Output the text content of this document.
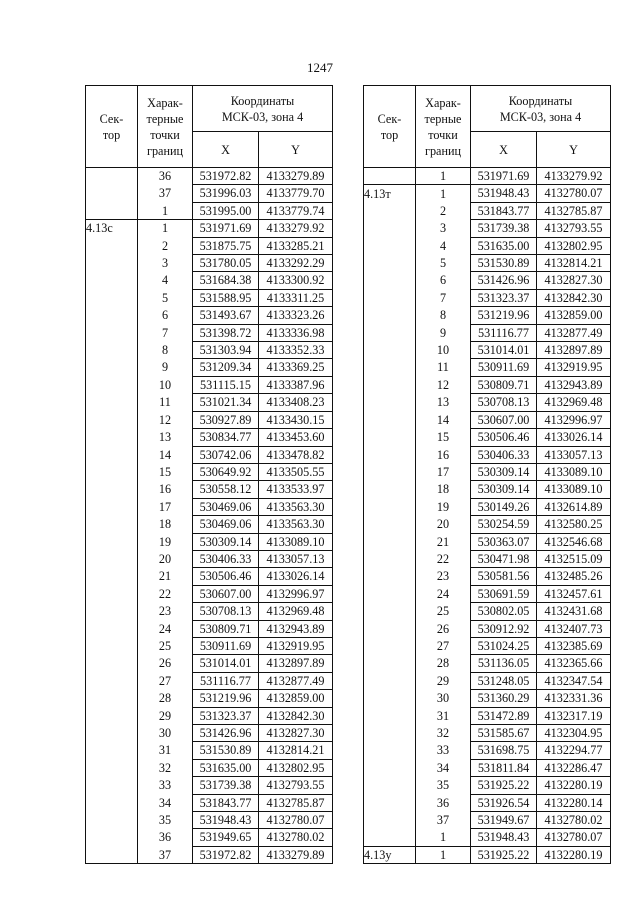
1247
Сек-
тор	Харак-
терные
точки
границ	Координаты
МСК-03, зона 4	
		X	Y
	36	531972.82	4133279.89
	37	531996.03	4133779.70
	1	531995.00	4133779.74
4.13c	1	531971.69	4133279.92
	2	531875.75	4133285.21
	3	531780.05	4133292.29
	4	531684.38	4133300.92
	5	531588.95	4133311.25
	6	531493.67	4133323.26
	7	531398.72	4133336.98
	8	531303.94	4133352.33
	9	531209.34	4133369.25
	10	531115.15	4133387.96
	11	531021.34	4133408.23
	12	530927.89	4133430.15
	13	530834.77	4133453.60
	14	530742.06	4133478.82
	15	530649.92	4133505.55
	16	530558.12	4133533.97
	17	530469.06	4133563.30
	18	530469.06	4133563.30
	19	530309.14	4133089.10
	20	530406.33	4133057.13
	21	530506.46	4133026.14
	22	530607.00	4132996.97
	23	530708.13	4132969.48
	24	530809.71	4132943.89
	25	530911.69	4132919.95
	26	531014.01	4132897.89
	27	531116.77	4132877.49
	28	531219.96	4132859.00
	29	531323.37	4132842.30
	30	531426.96	4132827.30
	31	531530.89	4132814.21
	32	531635.00	4132802.95
	33	531739.38	4132793.55
	34	531843.77	4132785.87
	35	531948.43	4132780.07
	36	531949.65	4132780.02
	37	531972.82	4133279.89
Сек-
тор	Харак-
терные
точки
границ	Координаты
МСК-03, зона 4	
		X	Y
	1	531971.69	4133279.92
4.13т	1	531948.43	4132780.07
	2	531843.77	4132785.87
	3	531739.38	4132793.55
	4	531635.00	4132802.95
	5	531530.89	4132814.21
	6	531426.96	4132827.30
	7	531323.37	4132842.30
	8	531219.96	4132859.00
	9	531116.77	4132877.49
	10	531014.01	4132897.89
	11	530911.69	4132919.95
	12	530809.71	4132943.89
	13	530708.13	4132969.48
	14	530607.00	4132996.97
	15	530506.46	4133026.14
	16	530406.33	4133057.13
	17	530309.14	4133089.10
	18	530309.14	4133089.10
	19	530149.26	4132614.89
	20	530254.59	4132580.25
	21	530363.07	4132546.68
	22	530471.98	4132515.09
	23	530581.56	4132485.26
	24	530691.59	4132457.61
	25	530802.05	4132431.68
	26	530912.92	4132407.73
	27	531024.25	4132385.69
	28	531136.05	4132365.66
	29	531248.05	4132347.54
	30	531360.29	4132331.36
	31	531472.89	4132317.19
	32	531585.67	4132304.95
	33	531698.75	4132294.77
	34	531811.84	4132286.47
	35	531925.22	4132280.19
	36	531926.54	4132280.14
	37	531949.67	4132780.02
	1	531948.43	4132780.07
4.13у	1	531925.22	4132280.19
